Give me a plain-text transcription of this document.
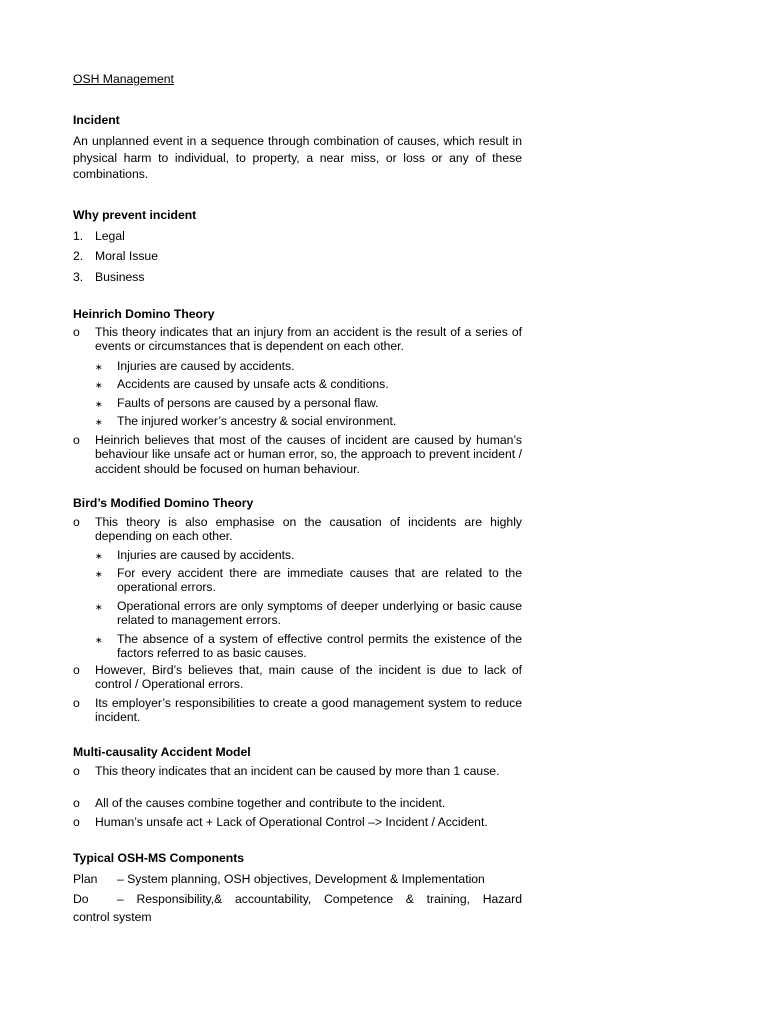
OSH Management
Incident
An unplanned event in a sequence through combination of causes, which result in physical harm to individual, to property, a near miss, or loss or any of these combinations.
Why prevent incident
1. Legal
2. Moral Issue
3. Business
Heinrich Domino Theory
o This theory indicates that an injury from an accident is the result of a series of events or circumstances that is dependent on each other.
∗ Injuries are caused by accidents.
∗ Accidents are caused by unsafe acts & conditions.
∗ Faults of persons are caused by a personal flaw.
∗ The injured worker’s ancestry & social environment.
o Heinrich believes that most of the causes of incident are caused by human’s behaviour like unsafe act or human error, so, the approach to prevent incident / accident should be focused on human behaviour.
Bird’s Modified Domino Theory
o This theory is also emphasise on the causation of incidents are highly depending on each other.
∗ Injuries are caused by accidents.
∗ For every accident there are immediate causes that are related to the operational errors.
∗ Operational errors are only symptoms of deeper underlying or basic cause related to management errors.
∗ The absence of a system of effective control permits the existence of the factors referred to as basic causes.
o However, Bird’s believes that, main cause of the incident is due to lack of control / Operational errors.
o Its employer’s responsibilities to create a good management system to reduce incident.
Multi-causality Accident Model
o This theory indicates that an incident can be caused by more than 1 cause.
o All of the causes combine together and contribute to the incident.
o Human’s unsafe act + Lack of Operational Control –> Incident / Accident.
Typical OSH-MS Components
Plan – System planning, OSH objectives, Development & Implementation
Do – Responsibility,& accountability, Competence & training, Hazard
control system
